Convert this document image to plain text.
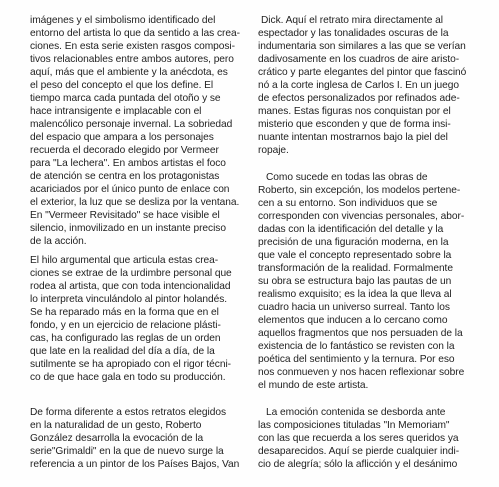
imágenes y el simbolismo identificado del
entorno del artista lo que da sentido a las crea-
ciones. En esta serie existen rasgos composi-
tivos relacionables entre ambos autores, pero
aquí, más que el ambiente y la anécdota, es
el peso del concepto el que los define. El
tiempo marca cada puntada del otoño y se
hace intransigente e implacable con el
malencólico personaje invernal. La sobriedad
del espacio que ampara a los personajes
recuerda el decorado elegido por Vermeer
para "La lechera". En ambos artistas el foco
de atención se centra en los protagonistas
acariciados por el único punto de enlace con
el exterior, la luz que se desliza por la ventana.
En "Vermeer Revisitado" se hace visible el
silencio, inmovilizado en un instante preciso
de la acción.

El hilo argumental que articula estas crea-
ciones se extrae de la urdimbre personal que
rodea al artista, que con toda intencionalidad
lo interpreta vinculándolo al pintor holandés.
Se ha reparado más en la forma que en el
fondo, y en un ejercicio de relacione plásti-
cas, ha configurado las reglas de un orden
que late en la realidad del día a día, de la
sutilmente se ha apropiado con el rigor técni-
co de que hace gala en todo su producción.

De forma diferente a estos retratos elegidos
en la naturalidad de un gesto, Roberto
González desarrolla la evocación de la
serie"Grimaldi" en la que de nuevo surge la
referencia a un pintor de los Países Bajos, Van

Dick. Aquí el retrato mira directamente al
espectador y las tonalidades oscuras de la
indumentaria son similares a las que se verían
dadivosamente en los cuadros de aire aristo-
crático y parte elegantes del pintor que fascinó
nó a la corte inglesa de Carlos I. En un juego
de efectos personalizados por refinados ade-
manes. Estas figuras nos conquistan por el
misterio que esconden y que de forma insi-
nuante intentan mostrarnos bajo la piel del
ropaje.

Como sucede en todas las obras de
Roberto, sin excepción, los modelos pertene-
cen a su entorno. Son individuos que se
corresponden con vivencias personales, abor-
dadas con la identificación del detalle y la
precisión de una figuración moderna, en la
que vale el concepto representado sobre la
transformación de la realidad. Formalmente
su obra se estructura bajo las pautas de un
realismo exquisito; es la idea la que lleva al
cuadro hacia un universo surreal. Tanto los
elementos que inducen a lo cercano como
aquellos fragmentos que nos persuaden de la
existencia de lo fantástico se revisten con la
poética del sentimiento y la ternura. Por eso
nos conmueven y nos hacen reflexionar sobre
el mundo de este artista.

La emoción contenida se desborda ante
las composiciones tituladas "In Memoriam"
con las que recuerda a los seres queridos ya
desaparecidos. Aquí se pierde cualquier indi-
cio de alegría; sólo la aflicción y el desánimo
